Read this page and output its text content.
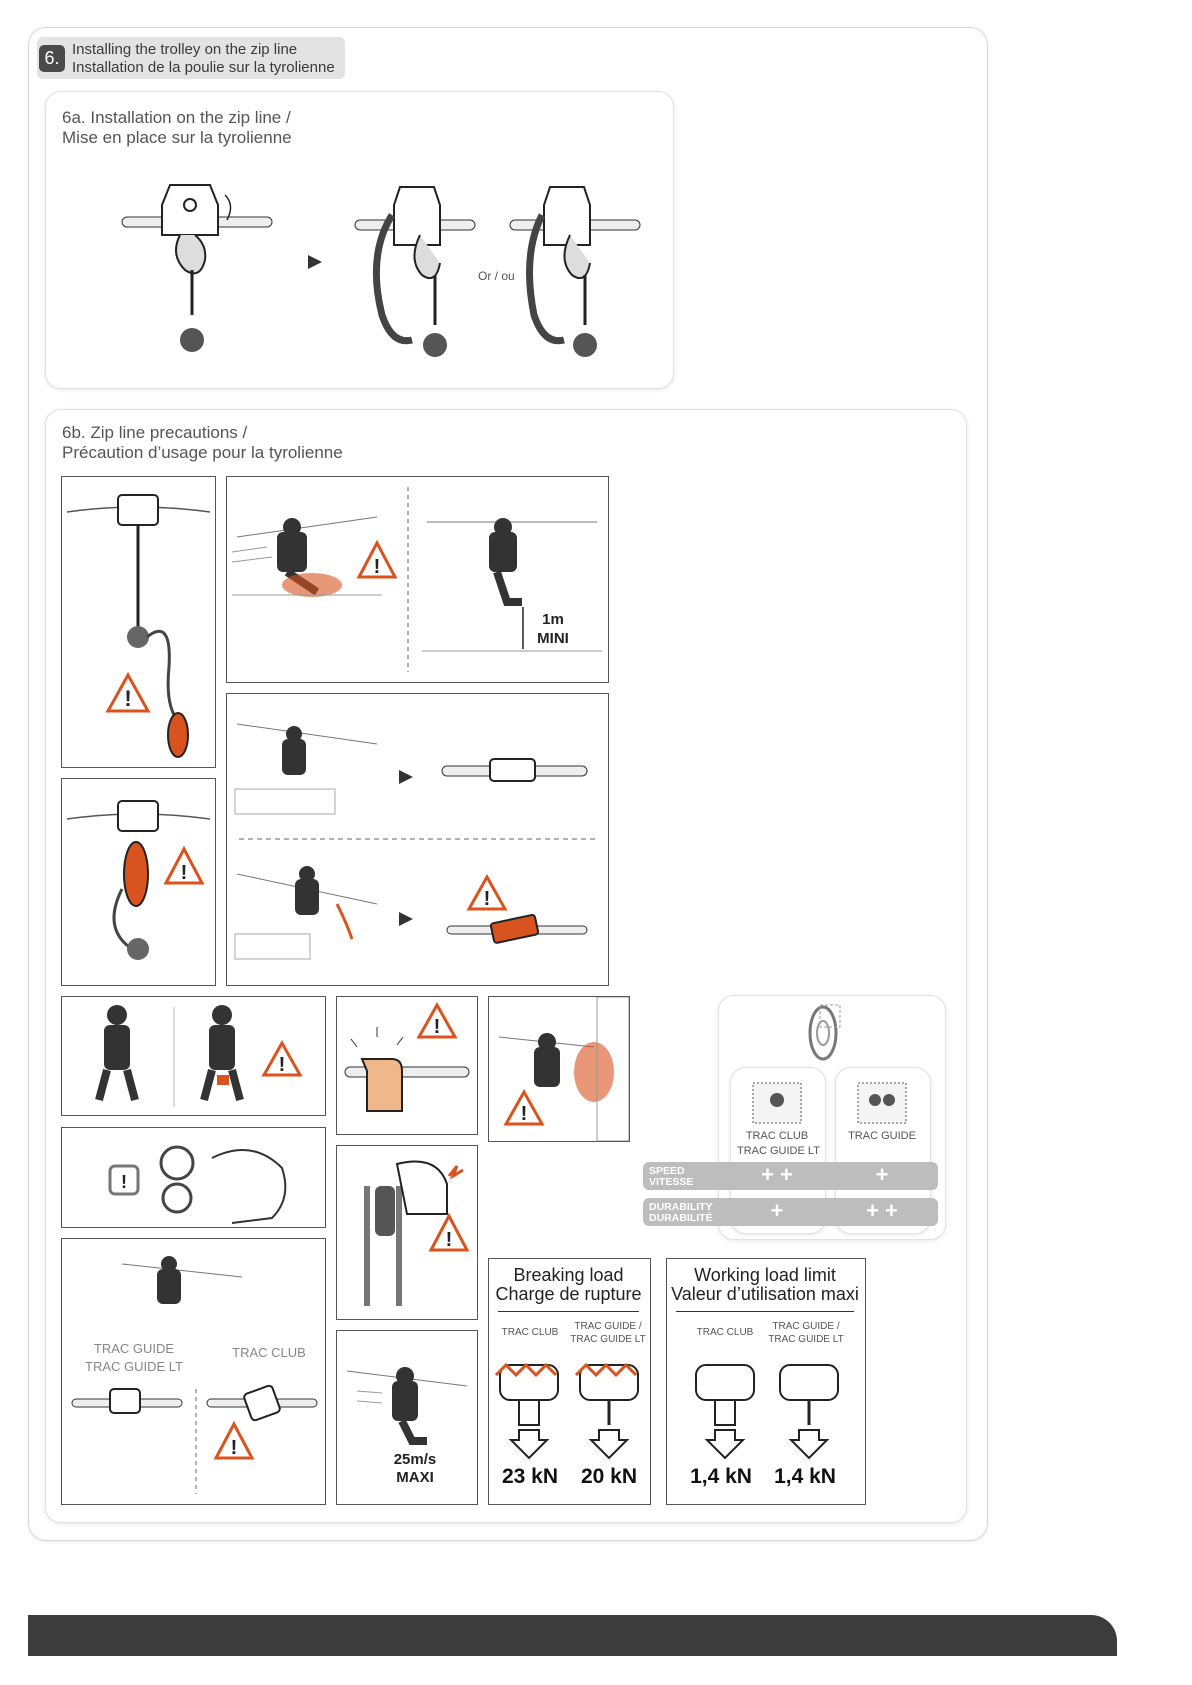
6. Installing the trolley on the zip line
Installation de la poulie sur la tyrolienne
6a. Installation on the zip line /
Mise en place sur la tyrolienne
Or / ou
6b. Zip line precautions /
Précaution d’usage pour la tyrolienne
!
!
1m
MINI
!
!
!
!
!
!
!
TRAC GUIDE
TRAC GUIDE LT
TRAC CLUB
!
25m/s
MAXI
TRAC CLUB
TRAC GUIDE LT
TRAC GUIDE
SPEED
VITESSE	+ +	+
DURABILITY
DURABILITÉ	+	+ +
Breaking load
Charge de rupture
TRAC CLUB
TRAC GUIDE /
TRAC GUIDE LT
23 kN	20 kN
Working load limit
Valeur d’utilisation maxi
TRAC CLUB
TRAC GUIDE /
TRAC GUIDE LT
1,4 kN	1,4 kN
